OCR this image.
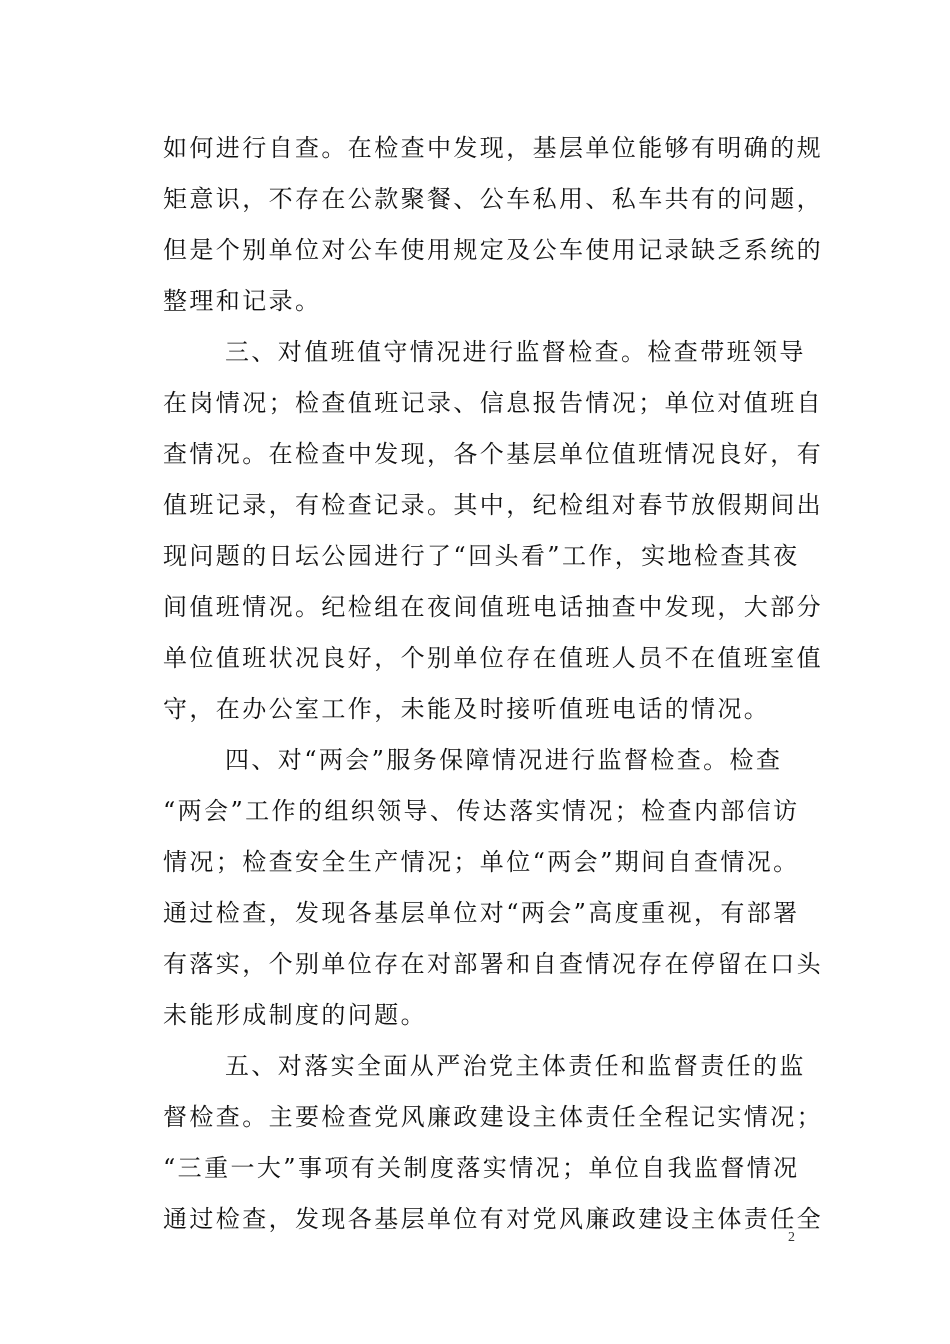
如何进行自查。在检查中发现，基层单位能够有明确的规
矩意识，不存在公款聚餐、公车私用、私车共有的问题，
但是个别单位对公车使用规定及公车使用记录缺乏系统的
整理和记录。
三、对值班值守情况进行监督检查。检查带班领导
在岗情况；检查值班记录、信息报告情况；单位对值班自
查情况。在检查中发现，各个基层单位值班情况良好，有
值班记录，有检查记录。其中，纪检组对春节放假期间出
现问题的日坛公园进行了“回头看”工作，实地检查其夜
间值班情况。纪检组在夜间值班电话抽查中发现，大部分
单位值班状况良好，个别单位存在值班人员不在值班室值
守，在办公室工作，未能及时接听值班电话的情况。
四、对“两会”服务保障情况进行监督检查。检查
“两会”工作的组织领导、传达落实情况；检查内部信访
情况；检查安全生产情况；单位“两会”期间自查情况。
通过检查，发现各基层单位对“两会”高度重视，有部署
有落实，个别单位存在对部署和自查情况存在停留在口头
未能形成制度的问题。
五、对落实全面从严治党主体责任和监督责任的监
督检查。主要检查党风廉政建设主体责任全程记实情况；
“三重一大”事项有关制度落实情况；单位自我监督情况
通过检查，发现各基层单位有对党风廉政建设主体责任全
2
